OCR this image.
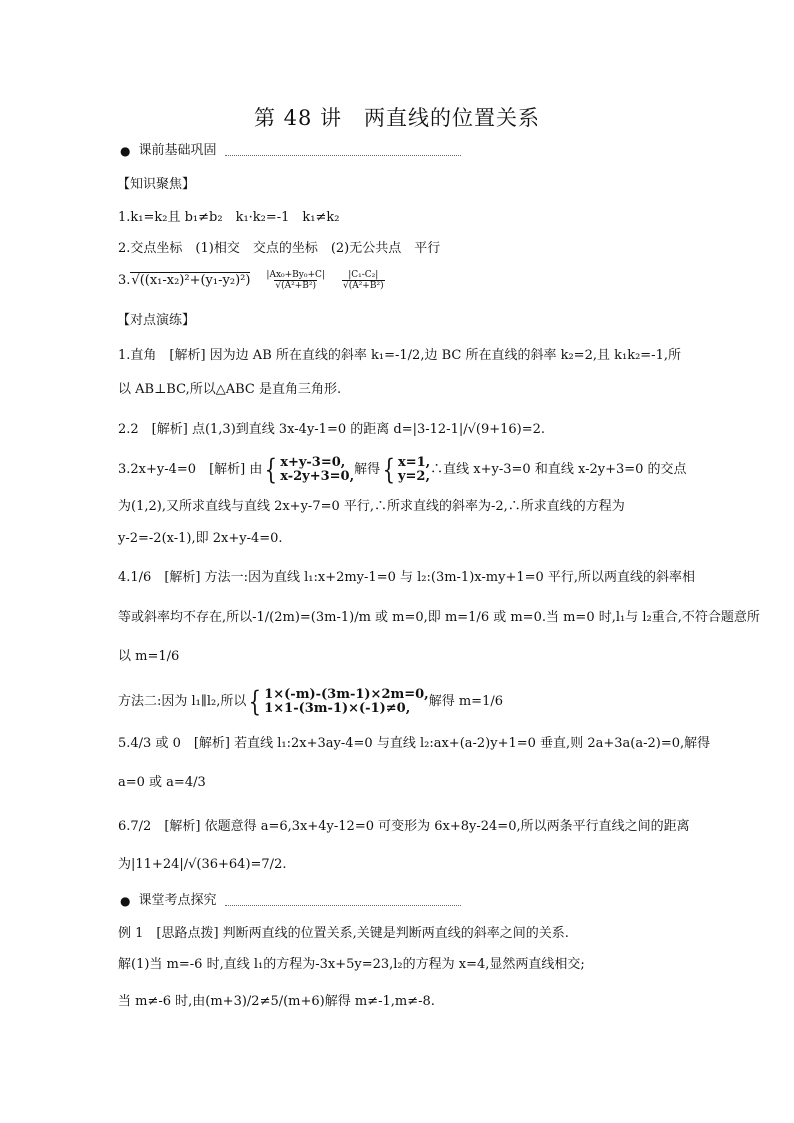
第 48 讲　两直线的位置关系
● 课前基础巩固
【知识聚焦】
1.k₁=k₂且 b₁≠b₂　k₁·k₂=-1　k₁≠k₂
2.交点坐标　(1)相交　交点的坐标　(2)无公共点　平行
3.√((x₁-x₂)²+(y₁-y₂)²) |Ax₀+By₀+C|
√(A²+B²)
|C₁-C₂|
√(A²+B²)
【对点演练】
1.直角　[解析] 因为边 AB 所在直线的斜率 k₁=-1/2,边 BC 所在直线的斜率 k₂=2,且 k₁k₂=-1,所
以 AB⊥BC,所以△ABC 是直角三角形.
2.2　[解析] 点(1,3)到直线 3x-4y-1=0 的距离 d=|3-12-1|/√(9+16)=2.
3.2x+y-4=0　[解析] 由 { x+y-3=0,
x-2y+3=0, 解得 { x=1,
y=2, ∴直线 x+y-3=0 和直线 x-2y+3=0 的交点
为(1,2),又所求直线与直线 2x+y-7=0 平行,∴所求直线的斜率为-2,∴所求直线的方程为
y-2=-2(x-1),即 2x+y-4=0.
4.1/6　[解析] 方法一:因为直线 l₁:x+2my-1=0 与 l₂:(3m-1)x-my+1=0 平行,所以两直线的斜率相
等或斜率均不存在,所以-1/(2m)=(3m-1)/m 或 m=0,即 m=1/6 或 m=0.当 m=0 时,l₁与 l₂重合,不符合题意所
以 m=1/6
方法二:因为 l₁∥l₂,所以 { 1×(-m)-(3m-1)×2m=0,
1×1-(3m-1)×(-1)≠0,	解得 m=1/6
5.4/3 或 0　[解析] 若直线 l₁:2x+3ay-4=0 与直线 l₂:ax+(a-2)y+1=0 垂直,则 2a+3a(a-2)=0,解得
a=0 或 a=4/3
6.7/2　[解析] 依题意得 a=6,3x+4y-12=0 可变形为 6x+8y-24=0,所以两条平行直线之间的距离
为|11+24|/√(36+64)=7/2.
● 课堂考点探究
例 1　[思路点拨] 判断两直线的位置关系,关键是判断两直线的斜率之间的关系.
解(1)当 m=-6 时,直线 l₁的方程为-3x+5y=23,l₂的方程为 x=4,显然两直线相交;
当 m≠-6 时,由(m+3)/2≠5/(m+6)解得 m≠-1,m≠-8.
